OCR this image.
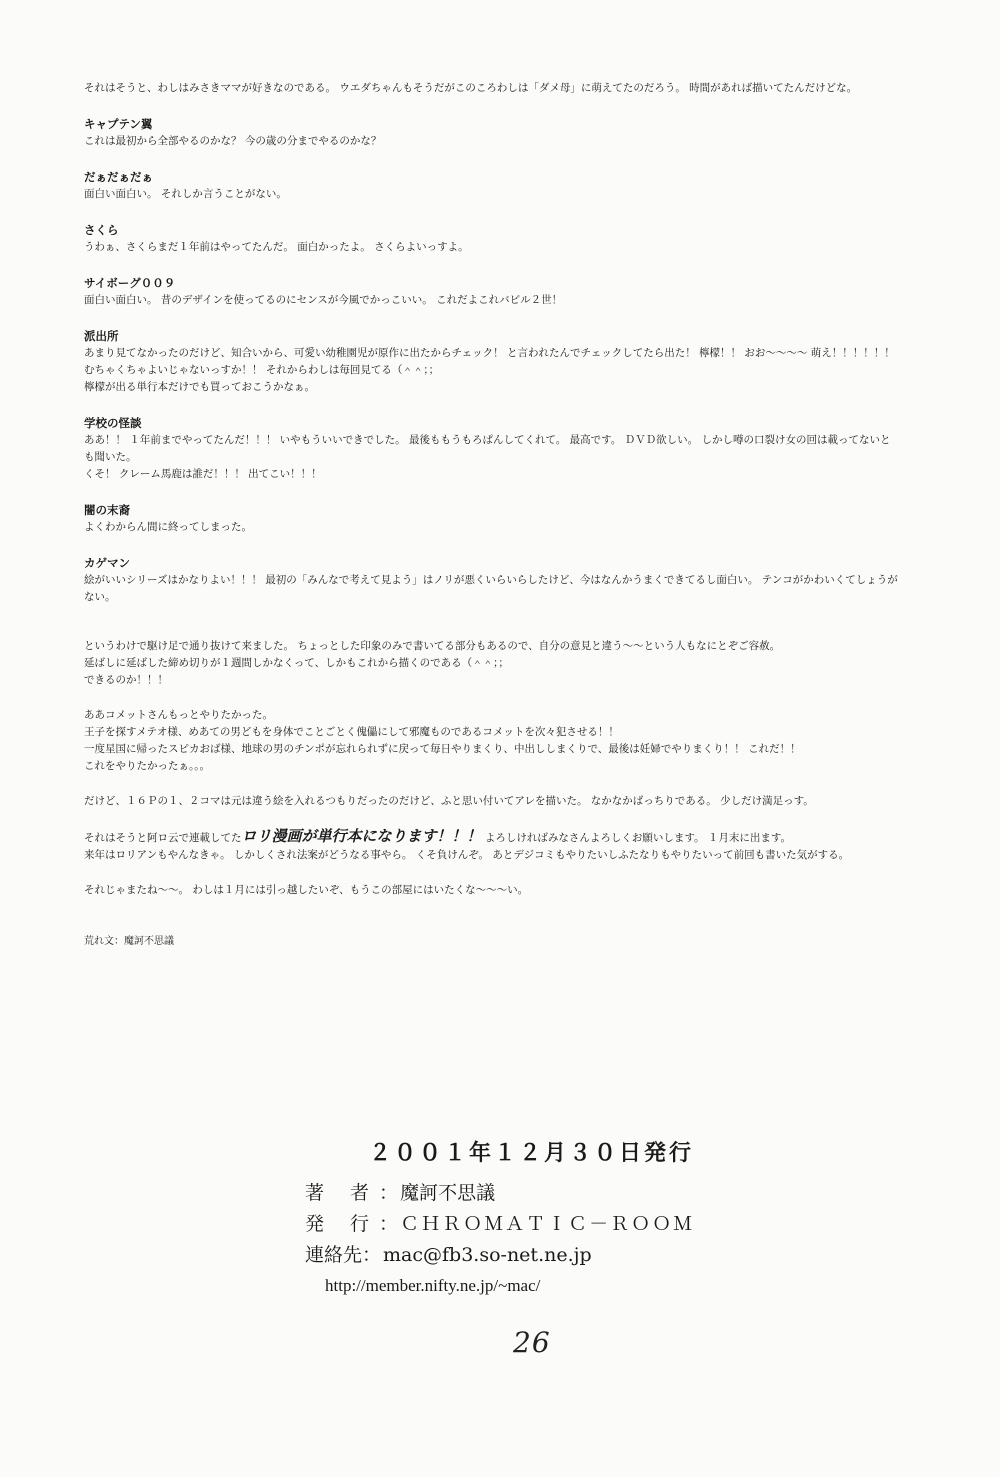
それはそうと、わしはみさきママが好きなのである。 ウエダちゃんもそうだがこのころわしは「ダメ母」に萌えてたのだろう。 時間があれば描いてたんだけどな。

キャプテン翼

これは最初から全部やるのかな？ 今の歳の分までやるのかな？

だぁだぁだぁ

面白い面白い。 それしか言うことがない。

さくら

うわぁ、さくらまだ１年前はやってたんだ。 面白かったよ。 さくらよいっすよ。

サイボーグ００９

面白い面白い。 昔のデザインを使ってるのにセンスが今風でかっこいい。 これだよこれバビル２世！

派出所

あまり見てなかったのだけど、知合いから、可愛い幼稚園児が原作に出たからチェック！ と言われたんでチェックしてたら出た！ 檸檬！！ おお～～～～ 萌え！！！！！！ むちゃくちゃよいじゃないっすか！！ それからわしは毎回見てる（＾＾；；

檸檬が出る単行本だけでも買っておこうかなぁ。

学校の怪談

ああ！！ １年前までやってたんだ！！！ いやもういいできでした。 最後ももうもろぱんしてくれて。 最高です。 ＤＶＤ欲しい。 しかし噂の口裂け女の回は載ってないとも聞いた。

くそ！ クレーム馬鹿は誰だ！！！ 出てこい！！！

闇の末裔

よくわからん間に終ってしまった。

カゲマン

絵がいいシリーズはかなりよい！！！ 最初の「みんなで考えて見よう」はノリが悪くいらいらしたけど、今はなんかうまくできてるし面白い。 テンコがかわいくてしょうがない。

というわけで駆け足で通り抜けて来ました。 ちょっとした印象のみで書いてる部分もあるので、自分の意見と違う～～という人もなにとぞご容赦。

延ばしに延ばした締め切りが１週間しかなくって、しかもこれから描くのである（＾＾；；

できるのか！！！

ああコメットさんもっとやりたかった。

王子を探すメテオ様、めあての男どもを身体でことごとく傀儡にして邪魔ものであるコメットを次々犯させる！！

一度星国に帰ったスピカおば様、地球の男のチンポが忘れられずに戻って毎日やりまくり、中出ししまくりで、最後は妊婦でやりまくり！！ これだ！！

これをやりたかったぁ。。。

だけど、１６Ｐの１、２コマは元は違う絵を入れるつもりだったのだけど、ふと思い付いてアレを描いた。 なかなかばっちりである。 少しだけ満足っす。

それはそうと阿ロ云で連載してたロリ漫画が単行本になります！！！ よろしければみなさんよろしくお願いします。 １月末に出ます。

来年はロリアンもやんなきゃ。 しかしくされ法案がどうなる事やら。 くそ負けんぞ。 あとデジコミもやりたいしふたなりもやりたいって前回も書いた気がする。

それじゃまたね～～。 わしは１月には引っ越したいぞ、もうこの部屋にはいたくな～～～い。

荒れ文：魔訶不思議

２００１年１２月３０日発行

著 者： 魔訶不思議

発 行： ＣＨＲＯＭＡＴＩＣ－ＲＯＯＭ

連絡先： mac@fb3.so-net.ne.jp

http://member.nifty.ne.jp/~mac/

26
